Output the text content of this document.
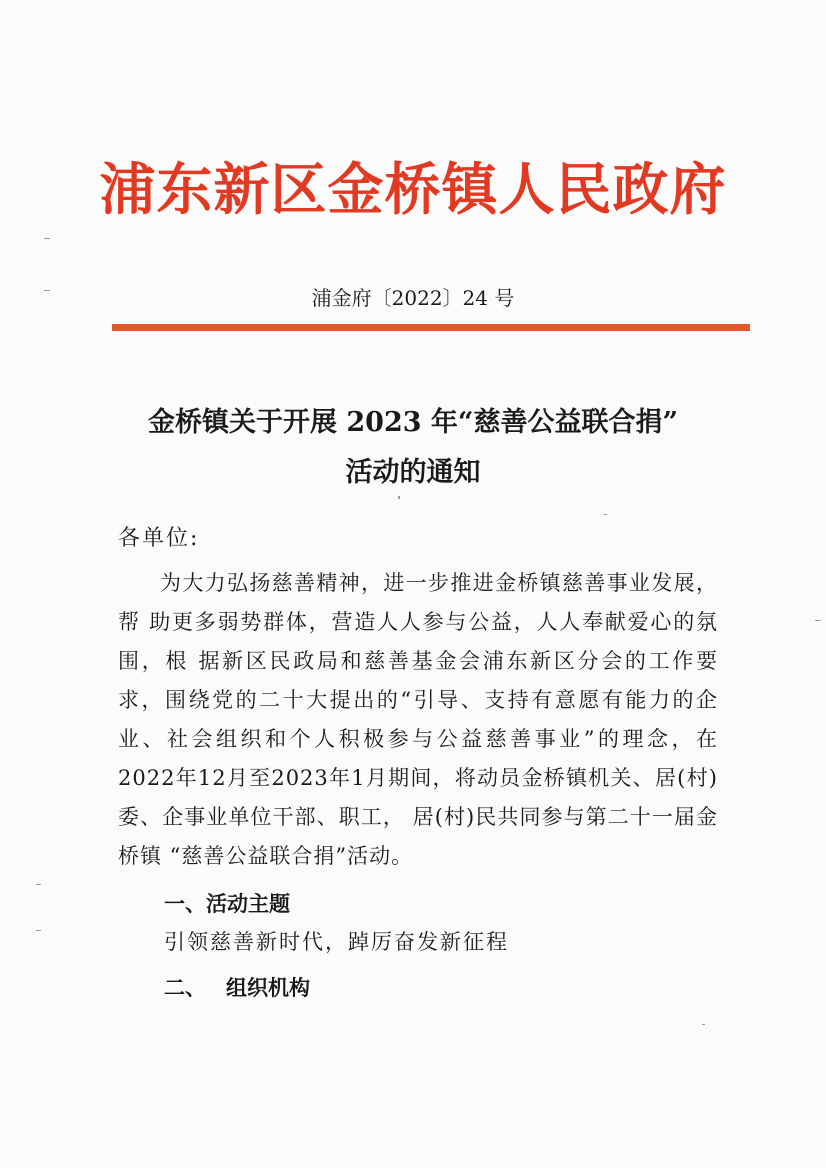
浦东新区金桥镇人民政府
浦金府〔2022〕24 号
金桥镇关于开展 2023 年“慈善公益联合捐”
活动的通知
各单位:
为大力弘扬慈善精神，进一步推进金桥镇慈善事业发展，帮 助更多弱势群体，营造人人参与公益，人人奉献爱心的氛围，根 据新区民政局和慈善基金会浦东新区分会的工作要求，围绕党的二十大提出的“引导、支持有意愿有能力的企业、社会组织和个人积极参与公益慈善事业”的理念，在 2022年12月至2023年1月期间，将动员金桥镇机关、居(村)委、企事业单位干部、职工， 居(村)民共同参与第二十一届金桥镇 “慈善公益联合捐”活动。
一、活动主题
引领慈善新时代，踔厉奋发新征程
二、 组织机构
